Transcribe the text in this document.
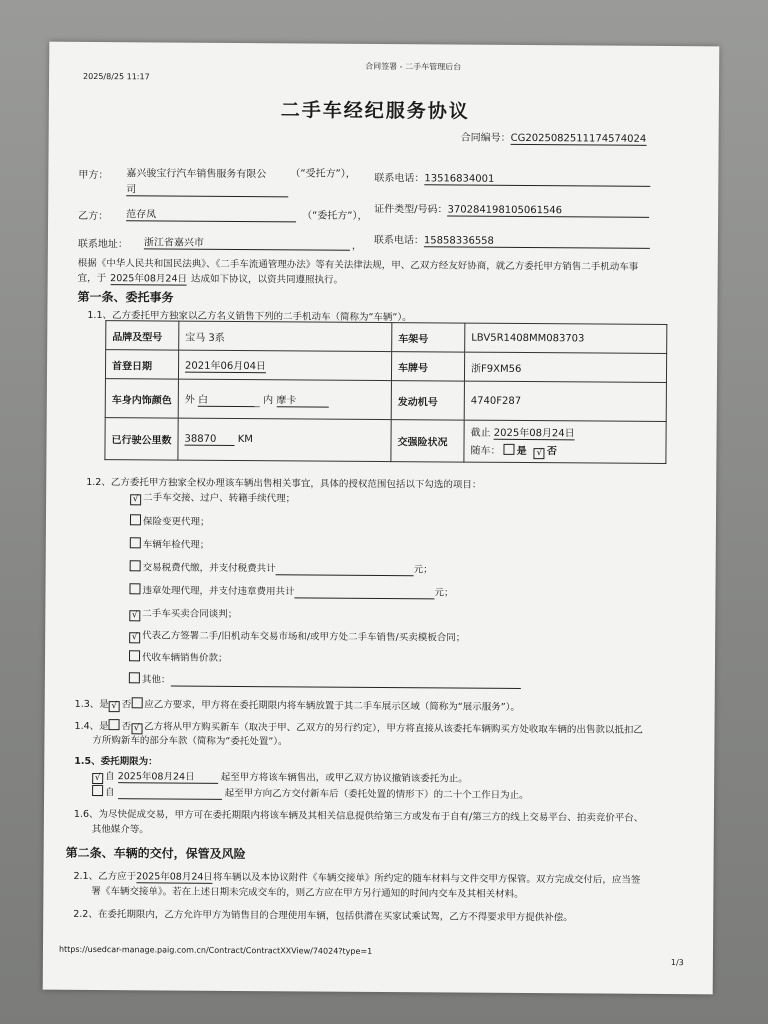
2025/8/25 11:17
合同签署 - 二手车管理后台
二手车经纪服务协议
合同编号：CG2025082511174574024
甲方： 嘉兴骏宝行汽车销售服务有限公
司
（“受托方”）， 联系电话：13516834001
乙方： 范存凤	（“委托方”），
证件类型/号码：370284198105061546
联系地址： 浙江省嘉兴市	，
联系电话：15858336558
根据《中华人民共和国民法典》、《二手车流通管理办法》等有关法律法规，甲、乙双方经友好协商，就乙方委托甲方销售二手机动车事
宜，于 2025年08月24日 达成如下协议，以资共同遵照执行。
第一条、委托事务
1.1、乙方委托甲方独家以乙方名义销售下列的二手机动车（简称为“车辆”）。
品牌及型号	宝马 3系	车架号	LBV5R1408MM083703
首登日期	2021年06月04日	车牌号	浙F9XM56
车身内饰颜色	外 白 内 摩卡	发动机号	4740F287
已行驶公里数	38870 KM	交强险状况	截止 2025年08月24日
随车： 是 √ 否
1.2、乙方委托甲方独家全权办理该车辆出售相关事宜，具体的授权范围包括以下勾选的项目：
√ 二手车交接、过户、转籍手续代理；
保险变更代理；
车辆年检代理；
交易税费代缴，并支付税费共计	元；
违章处理代理，并支付违章费用共计	元；
√ 二手车买卖合同谈判；
√ 代表乙方签署二手/旧机动车交易市场和/或甲方处二手车销售/买卖模板合同；
代收车辆销售价款；
其他：
1.3、是 √ 否 应乙方要求，甲方将在委托期限内将车辆放置于其二手车展示区域（简称为“展示服务”）。
1.4、是 否 √ 乙方将从甲方购买新车（取决于甲、乙双方的另行约定），甲方将直接从该委托车辆购买方处收取车辆的出售款以抵扣乙
方所购新车的部分车款（简称为“委托处置”）。
1.5、委托期限为：
√ 自 2025年08月24日	起至甲方将该车辆售出，或甲乙双方协议撤销该委托为止。
自	起至甲方向乙方交付新车后（委托处置的情形下）的二十个工作日为止。
1.6、为尽快促成交易，甲方可在委托期限内将该车辆及其相关信息提供给第三方或发布于自有/第三方的线上交易平台、拍卖竞价平台、
其他媒介等。
第二条、车辆的交付，保管及风险
2.1、乙方应于2025年08月24日将车辆以及本协议附件《车辆交接单》所约定的随车材料与文件交甲方保管。双方完成交付后，应当签
署《车辆交接单》。若在上述日期未完成交车的，则乙方应在甲方另行通知的时间内交车及其相关材料。
2.2、在委托期限内，乙方允许甲方为销售目的合理使用车辆，包括供潜在买家试乘试驾，乙方不得要求甲方提供补偿。
https://usedcar-manage.paig.com.cn/Contract/ContractXXView/74024?type=1
1/3
